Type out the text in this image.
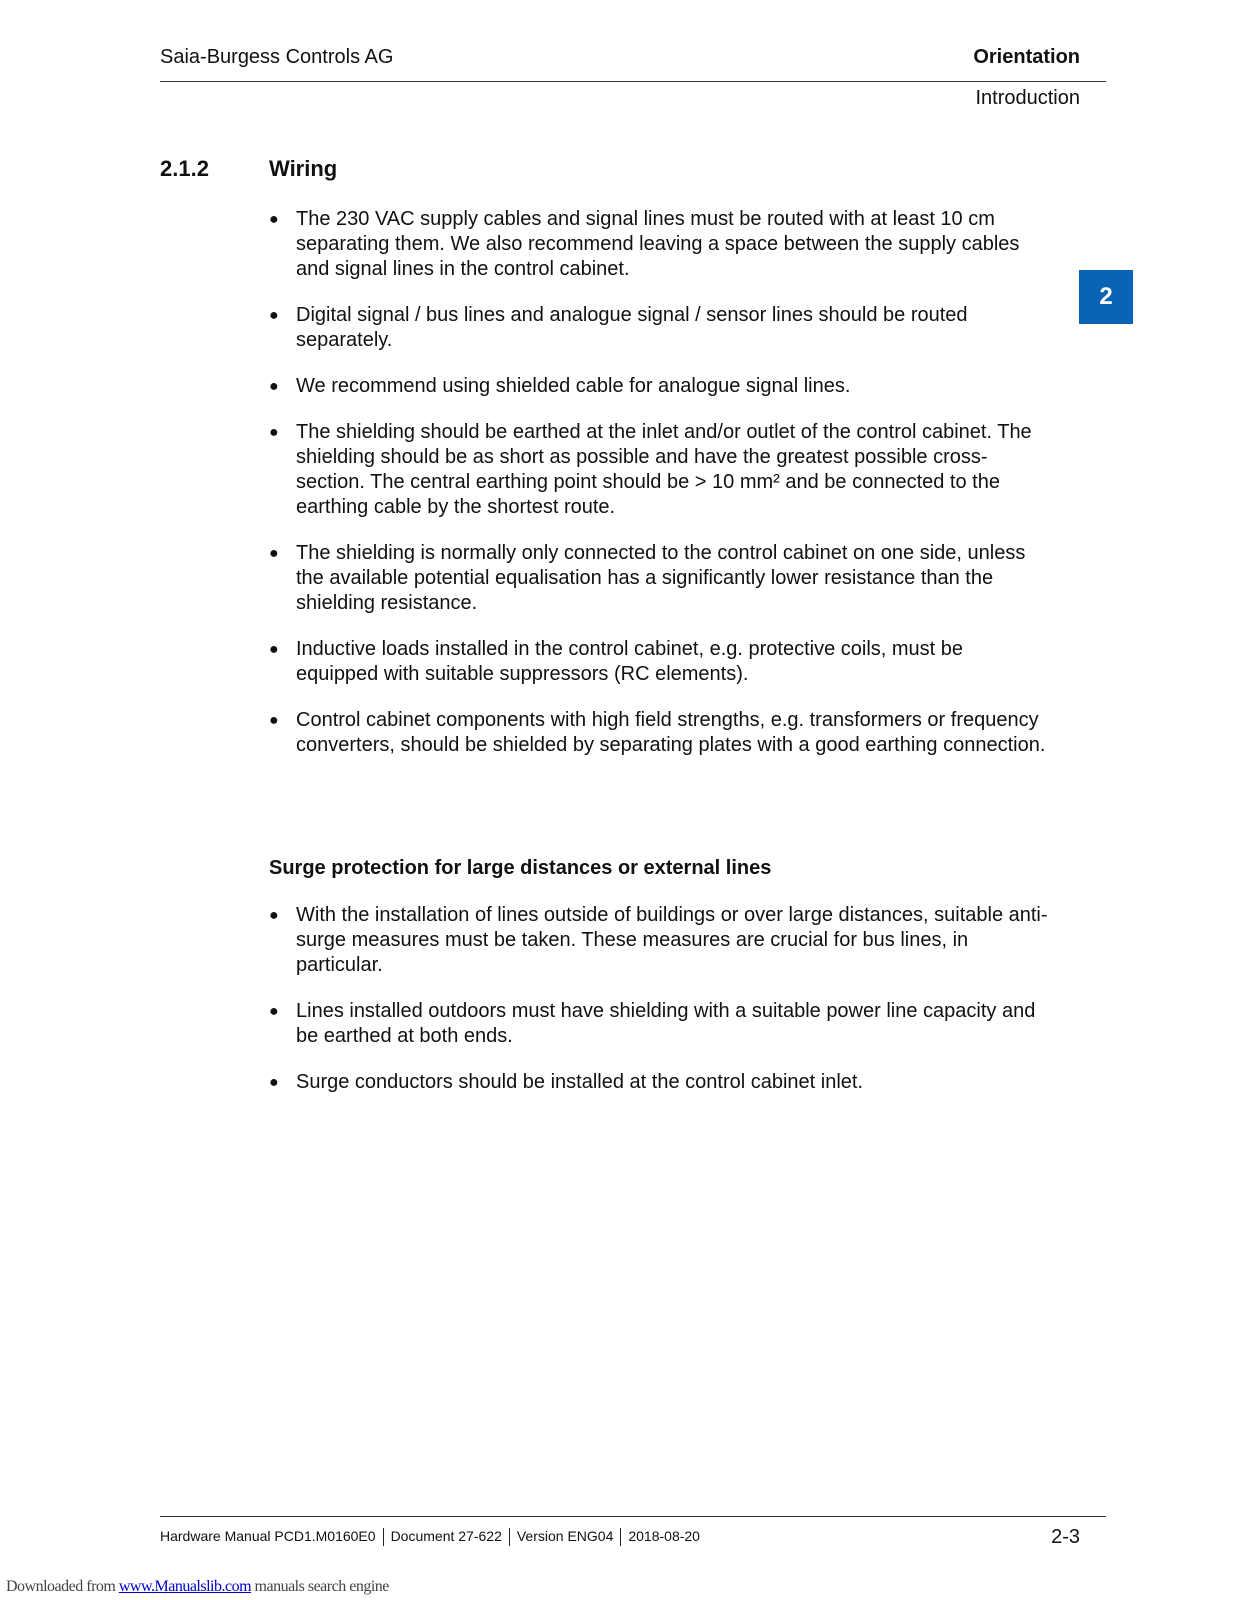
Saia-Burgess Controls AG	Orientation
Introduction
2.1.2	Wiring
2
● The 230 VAC supply cables and signal lines must be routed with at least 10 cm separating them. We also recommend leaving a space between the supply cables and signal lines in the control cabinet.
● Digital signal / bus lines and analogue signal / sensor lines should be routed separately.
● We recommend using shielded cable for analogue signal lines.
● The shielding should be earthed at the inlet and/or outlet of the control cabinet. The shielding should be as short as possible and have the greatest possible cross-section. The central earthing point should be > 10 mm² and be connected to the earthing cable by the shortest route.
● The shielding is normally only connected to the control cabinet on one side, unless the available potential equalisation has a significantly lower resistance than the shielding resistance.
● Inductive loads installed in the control cabinet, e.g. protective coils, must be equipped with suitable suppressors (RC elements).
● Control cabinet components with high field strengths, e.g. transformers or frequency converters, should be shielded by separating plates with a good earthing connection.
Surge protection for large distances or external lines
● With the installation of lines outside of buildings or over large distances, suitable anti-surge measures must be taken. These measures are crucial for bus lines, in particular.
● Lines installed outdoors must have shielding with a suitable power line capacity and be earthed at both ends.
● Surge conductors should be installed at the control cabinet inlet.
Hardware Manual PCD1.M0160E0 Document 27-622 Version ENG04 2018-08-20	2-3
Downloaded from www.Manualslib.com manuals search engine
